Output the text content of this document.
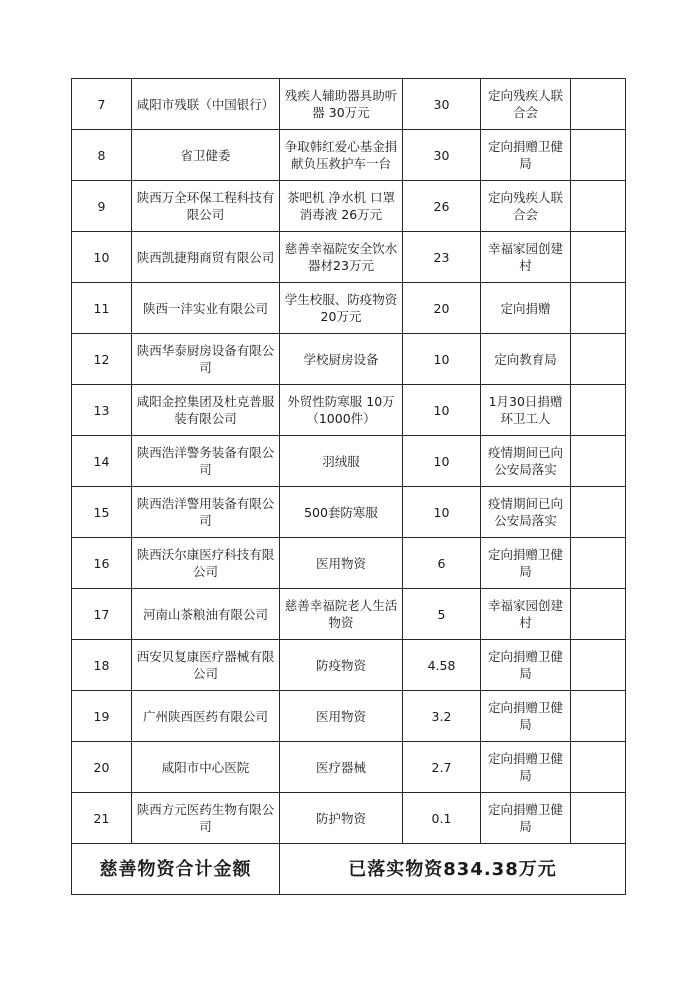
7	咸阳市残联（中国银行）	残疾人辅助器具助听器 30万元	30	定向残疾人联合会	
8	省卫健委	争取韩红爱心基金捐献负压救护车一台	30	定向捐赠卫健局	
9	陕西万全环保工程科技有限公司	茶吧机 净水机 口罩 消毒液 26万元	26	定向残疾人联合会	
10	陕西凯捷翔商贸有限公司	慈善幸福院安全饮水器材23万元	23	幸福家园创建村	
11	陕西一沣实业有限公司	学生校服、防疫物资20万元	20	定向捐赠	
12	陕西华泰厨房设备有限公司	学校厨房设备	10	定向教育局	
13	咸阳金控集团及杜克普服装有限公司	外贸性防寒服 10万（1000件）	10	1月30日捐赠环卫工人	
14	陕西浩洋警务装备有限公司	羽绒服	10	疫情期间已向公安局落实	
15	陕西浩洋警用装备有限公司	500套防寒服	10	疫情期间已向公安局落实	
16	陕西沃尔康医疗科技有限公司	医用物资	6	定向捐赠卫健局	
17	河南山茶粮油有限公司	慈善幸福院老人生活物资	5	幸福家园创建村	
18	西安贝复康医疗器械有限公司	防疫物资	4.58	定向捐赠卫健局	
19	广州陕西医药有限公司	医用物资	3.2	定向捐赠卫健局	
20	咸阳市中心医院	医疗器械	2.7	定向捐赠卫健局	
21	陕西方元医药生物有限公司	防护物资	0.1	定向捐赠卫健局	
慈善物资合计金额		已落实物资834.38万元			
